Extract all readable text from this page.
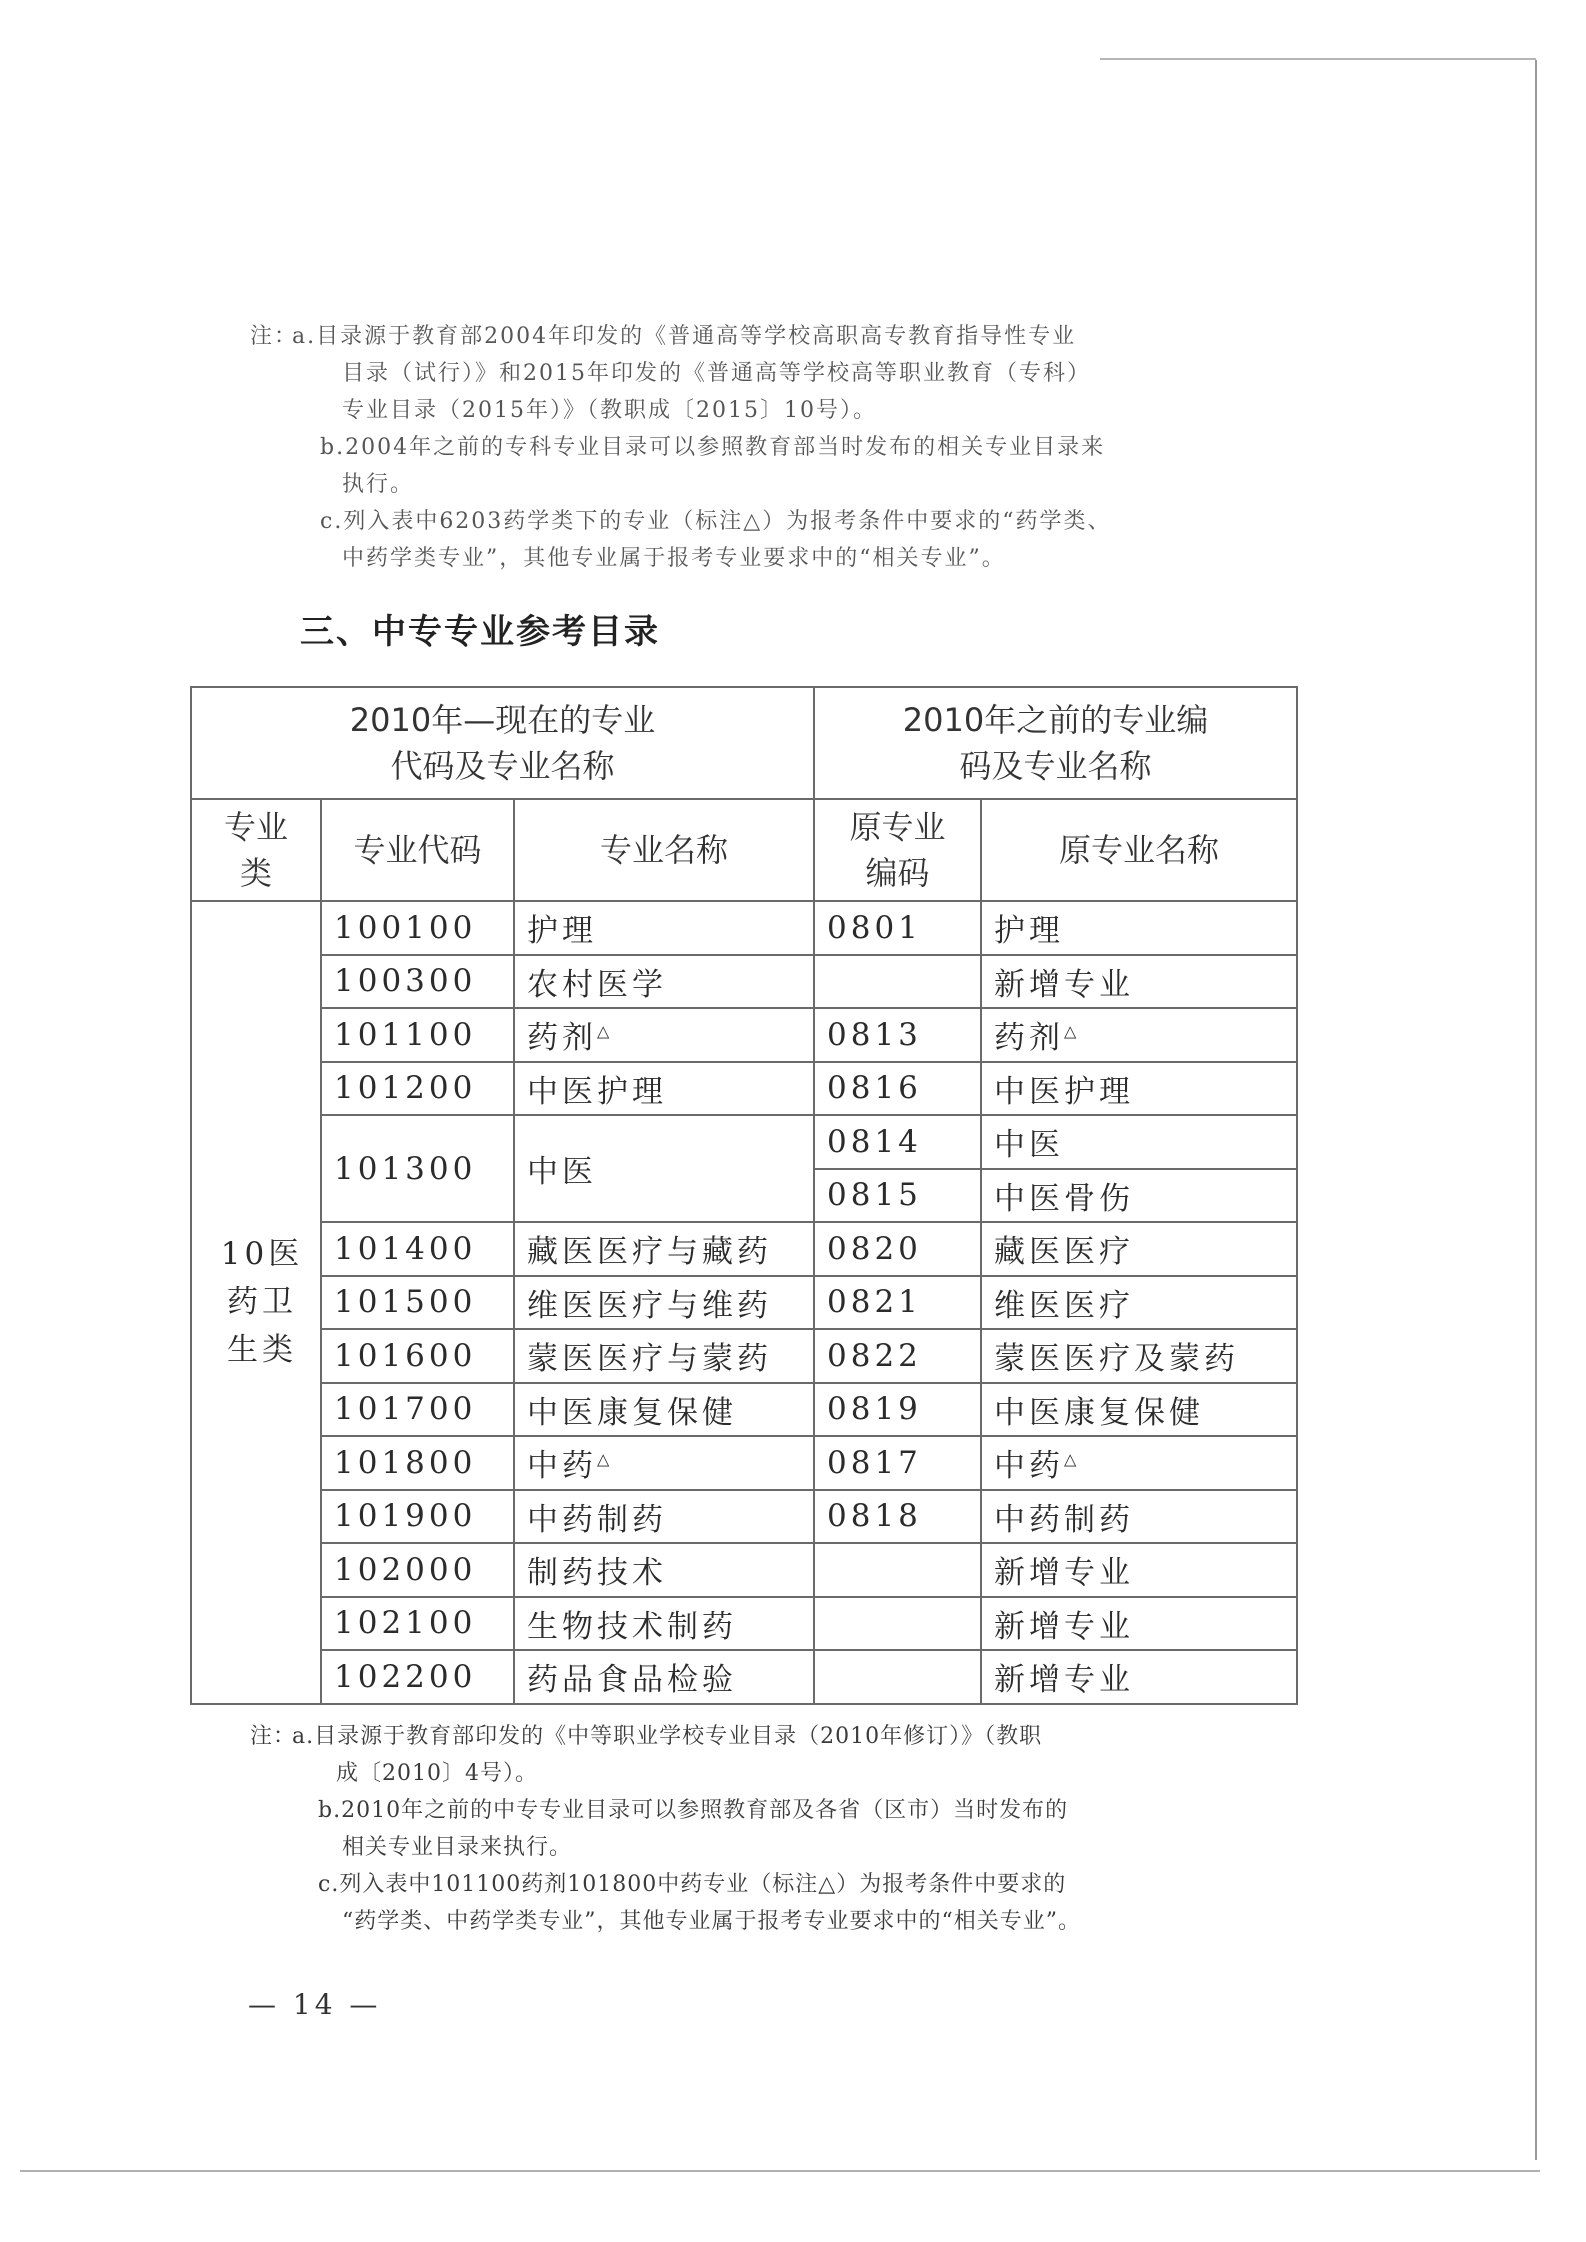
注：
a.目录源于教育部2004年印发的《普通高等学校高职高专教育指导性专业
目录（试行）》和2015年印发的《普通高等学校高等职业教育（专科）
专业目录（2015年）》（教职成〔2015〕10号）。
b.2004年之前的专科专业目录可以参照教育部当时发布的相关专业目录来
执行。
c.列入表中6203药学类下的专业（标注△）为报考条件中要求的“药学类、
中药学类专业”，其他专业属于报考专业要求中的“相关专业”。
三、中专专业参考目录
2010年—现在的专业代码及专业名称			2010年之前的专业编码及专业名称	

专业类	专业代码	专业名称	原专业编码	原专业名称

10医药卫生类	100100	护理	0801	护理
	100300	农村医学		新增专业
	101100	药剂△	0813	药剂△
	101200	中医护理	0816	中医护理
	101300	中医	0814	中医
			0815	中医骨伤
	101400	藏医医疗与藏药	0820	藏医医疗
	101500	维医医疗与维药	0821	维医医疗
	101600	蒙医医疗与蒙药	0822	蒙医医疗及蒙药
	101700	中医康复保健	0819	中医康复保健
	101800	中药△	0817	中药△
	101900	中药制药	0818	中药制药
	102000	制药技术		新增专业
	102100	生物技术制药		新增专业
	102200	药品食品检验		新增专业
注：
a.目录源于教育部印发的《中等职业学校专业目录（2010年修订）》（教职
成〔2010〕4号）。
b.2010年之前的中专专业目录可以参照教育部及各省（区市）当时发布的
相关专业目录来执行。
c.列入表中101100药剂101800中药专业（标注△）为报考条件中要求的
“药学类、中药学类专业”，其他专业属于报考专业要求中的“相关专业”。
— 14 —
